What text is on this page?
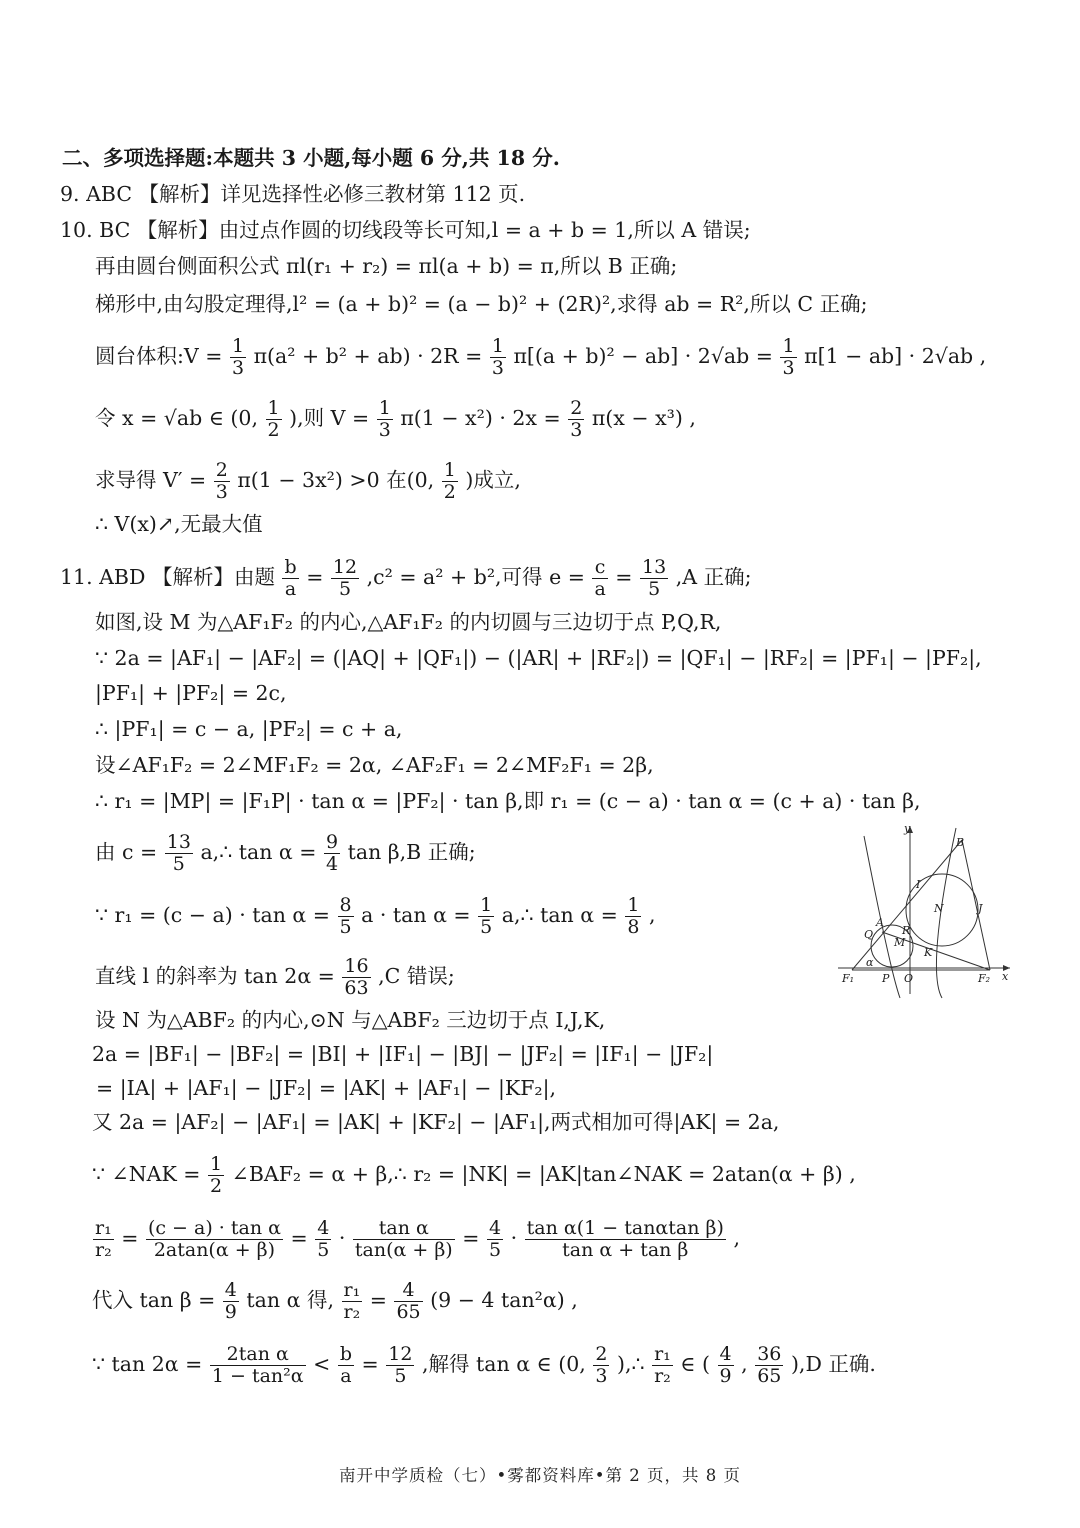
二、多项选择题:本题共 3 小题,每小题 6 分,共 18 分.
9. ABC 【解析】详见选择性必修三教材第 112 页.
10. BC 【解析】由过点作圆的切线段等长可知,l = a + b = 1,所以 A 错误;
再由圆台侧面积公式 πl(r₁ + r₂) = πl(a + b) = π,所以 B 正确;
梯形中,由勾股定理得,l² = (a + b)² = (a − b)² + (2R)²,求得 ab = R²,所以 C 正确;
圆台体积:V = $\frac{1}{3} \pi(a^2 + b^2 + ab) \cdot 2R = \frac{1}{3} \pi[(a + b)^2 - ab] \cdot 2√ab = \frac{1}{3} \pi[1 - ab] \cdot 2√ab$ ,
令 x = √ab ∈ (0, $\frac{1}{2}$ ),则 $V = \frac{1}{3} \pi(1 - x^2) \cdot 2x = \frac{2}{3} \pi(x - x^3)$ ,
求导得 $V' = \frac{2}{3} \pi(1 - 3x^2) >0$ 在(0, $\frac{1}{2}$ )成立,
∴ V(x)↗,无最大值
11. ABD 【解析】由题 $\frac{b}{a} = \frac{12}{5} ,c^2 = a^2 + b^2$,可得 $e = \frac{c}{a} = \frac{13}{5} ,A$ 正确;
如图,设 M 为△AF₁F₂ 的内心,△AF₁F₂ 的内切圆与三边切于点 P,Q,R,
∵ 2a = |AF₁| − |AF₂| = (|AQ| + |QF₁|) − (|AR| + |RF₂|) = |QF₁| − |RF₂| = |PF₁| − |PF₂|,
|PF₁| + |PF₂| = 2c,
∴ |PF₁| = c − a, |PF₂| = c + a,
设∠AF₁F₂ = 2∠MF₁F₂ = 2α, ∠AF₂F₁ = 2∠MF₂F₁ = 2β,
∴ r₁ = |MP| = |F₁P| · tan α = |PF₂| · tan β,即 r₁ = (c − a) · tan α = (c + a) · tan β,
由 $c = \frac{13}{5}$ a,∴ $\tan \alpha = \frac{9}{4}$ tan β,B 正确;
∵ $r_1 = (c - a) \cdot \tan \alpha = \frac{8}{5}$ $a \cdot \tan \alpha = \frac{1}{5}$ a,∴ $\tan \alpha = \frac{1}{8}$ ,
直线 l 的斜率为 $\tan 2\alpha = \frac{16}{63} ,C$ 错误;
设 N 为△ABF₂ 的内心,⊙N 与△ABF₂ 三边切于点 I,J,K,
2a = |BF₁| − |BF₂| = |BI| + |IF₁| − |BJ| − |JF₂| = |IF₁| − |JF₂|
= |IA| + |AF₁| − |JF₂| = |AK| + |AF₁| − |KF₂|,
又 2a = |AF₂| − |AF₁| = |AK| + |KF₂| − |AF₁|,两式相加可得|AK| = 2a,
∵ ∠NAK = $\frac{1}{2}$ ∠BAF₂ = α + β,∴ r₂ = |NK| = |AK|tan∠NAK = 2atan(α + β) ,
$\frac{\text{r₁}}{\text{r₂}} = \frac{\text{(c − a) · tan α}}{2atan(\alpha + \beta)} = \frac{4}{5} \cdot \frac{\text{tan α}}{\tan(\alpha + \beta)} = \frac{4}{5} \cdot \frac{\text{tan α(1 − tanαtan β)}}{\text{tan α + tan β}}$ ,
代入 $\tan \beta = \frac{4}{9}$ tan α 得, $\frac{\text{r₁}}{\text{r₂}} = \frac{4}{65} (9 - 4$ tan²α) ,
∵ $\tan 2\alpha = \frac{\text{2tan α}}{\text{1 − tan²α}} < \frac{b}{a} = \frac{12}{5}$ ,解得 tan α ∈ (0, $\frac{2}{3}$ ),∴ $\frac{\text{r₁}}{\text{r₂}}$ ∈ ( $\frac{4}{9}$ , $\frac{36}{65} ),D$ 正确.
y
x
B
I
N	J
A
Q	R
M
K
F₁	P O	F₂
α
南开中学质检（七）•雾都资料库•第 2 页，共 8 页
